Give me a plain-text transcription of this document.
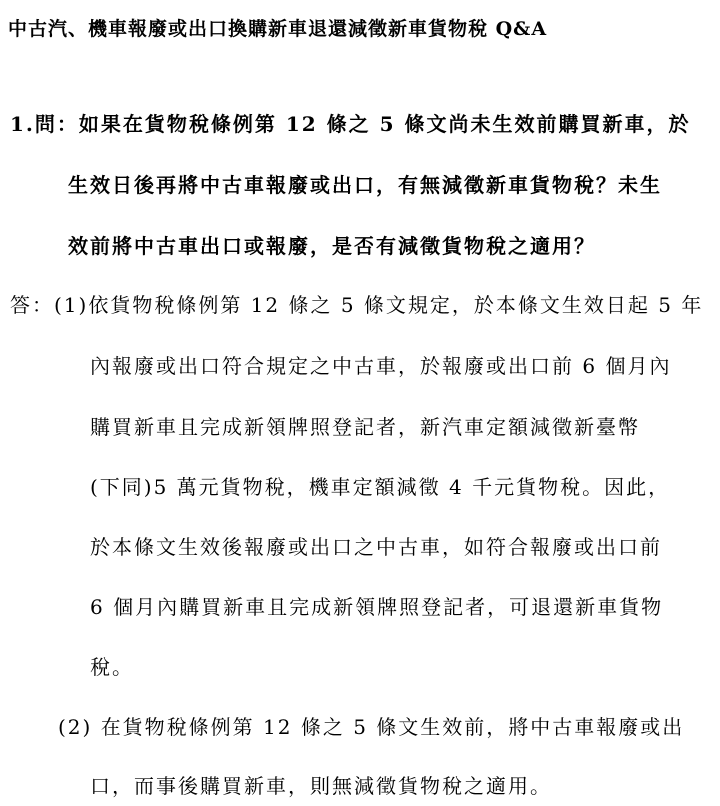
中古汽、機車報廢或出口換購新車退還減徵新車貨物稅 Q&A
1.問：如果在貨物稅條例第 12 條之 5 條文尚未生效前購買新車，於
生效日後再將中古車報廢或出口，有無減徵新車貨物稅？未生
效前將中古車出口或報廢，是否有減徵貨物稅之適用？
答：(1)依貨物稅條例第 12 條之 5 條文規定，於本條文生效日起 5 年
內報廢或出口符合規定之中古車，於報廢或出口前 6 個月內
購買新車且完成新領牌照登記者，新汽車定額減徵新臺幣
(下同)5 萬元貨物稅，機車定額減徵 4 千元貨物稅。因此，
於本條文生效後報廢或出口之中古車，如符合報廢或出口前
6 個月內購買新車且完成新領牌照登記者，可退還新車貨物
稅。
(2) 在貨物稅條例第 12 條之 5 條文生效前，將中古車報廢或出
口，而事後購買新車，則無減徵貨物稅之適用。
